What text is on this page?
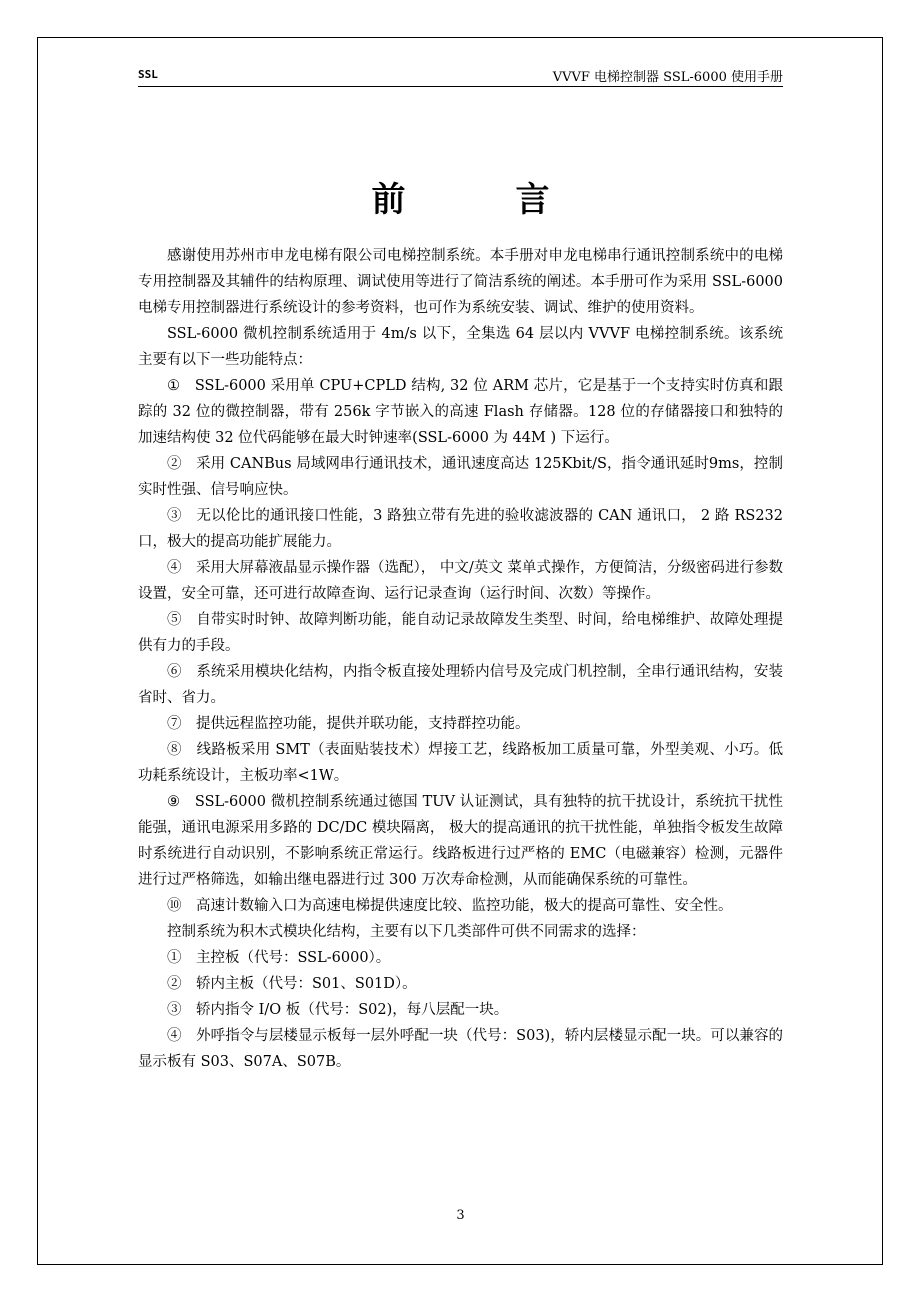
SSL	VVVF 电梯控制器 SSL-6000 使用手册
前言

感谢使用苏州市申龙电梯有限公司电梯控制系统。本手册对申龙电梯串行通讯控制系统中的电梯专用控制器及其辅件的结构原理、调试使用等进行了简洁系统的阐述。本手册可作为采用 SSL-6000 电梯专用控制器进行系统设计的参考资料，也可作为系统安装、调试、维护的使用资料。

SSL-6000 微机控制系统适用于 4m/s 以下，全集选 64 层以内 VVVF 电梯控制系统。该系统主要有以下一些功能特点：

①　SSL-6000 采用单 CPU+CPLD 结构, 32 位 ARM 芯片，它是基于一个支持实时仿真和跟踪的 32 位的微控制器，带有 256k 字节嵌入的高速 Flash 存储器。128 位的存储器接口和独特的加速结构使 32 位代码能够在最大时钟速率(SSL-6000 为 44M ) 下运行。

②　采用 CANBus 局域网串行通讯技术，通讯速度高达 125Kbit/S，指令通讯延时9ms，控制实时性强、信号响应快。

③　无以伦比的通讯接口性能，3 路独立带有先进的验收滤波器的 CAN 通讯口， 2 路 RS232 口，极大的提高功能扩展能力。

④　采用大屏幕液晶显示操作器（选配）， 中文/英文 菜单式操作，方便简洁，分级密码进行参数设置，安全可靠，还可进行故障查询、运行记录查询（运行时间、次数）等操作。

⑤　自带实时时钟、故障判断功能，能自动记录故障发生类型、时间，给电梯维护、故障处理提供有力的手段。

⑥　系统采用模块化结构，内指令板直接处理轿内信号及完成门机控制，全串行通讯结构，安装省时、省力。

⑦　提供远程监控功能，提供并联功能，支持群控功能。

⑧　线路板采用 SMT（表面贴装技术）焊接工艺，线路板加工质量可靠，外型美观、小巧。低功耗系统设计，主板功率<1W。

⑨　SSL-6000 微机控制系统通过德国 TUV 认证测试，具有独特的抗干扰设计，系统抗干扰性能强，通讯电源采用多路的 DC/DC 模块隔离， 极大的提高通讯的抗干扰性能，单独指令板发生故障时系统进行自动识别，不影响系统正常运行。线路板进行过严格的 EMC（电磁兼容）检测，元器件进行过严格筛选，如输出继电器进行过 300 万次寿命检测，从而能确保系统的可靠性。

⑩　高速计数输入口为高速电梯提供速度比较、监控功能，极大的提高可靠性、安全性。

控制系统为积木式模块化结构，主要有以下几类部件可供不同需求的选择：

①　主控板（代号：SSL-6000）。

②　轿内主板（代号：S01、S01D）。

③　轿内指令 I/O 板（代号：S02)，每八层配一块。

④　外呼指令与层楼显示板每一层外呼配一块（代号：S03)，轿内层楼显示配一块。可以兼容的显示板有 S03、S07A、S07B。

3
